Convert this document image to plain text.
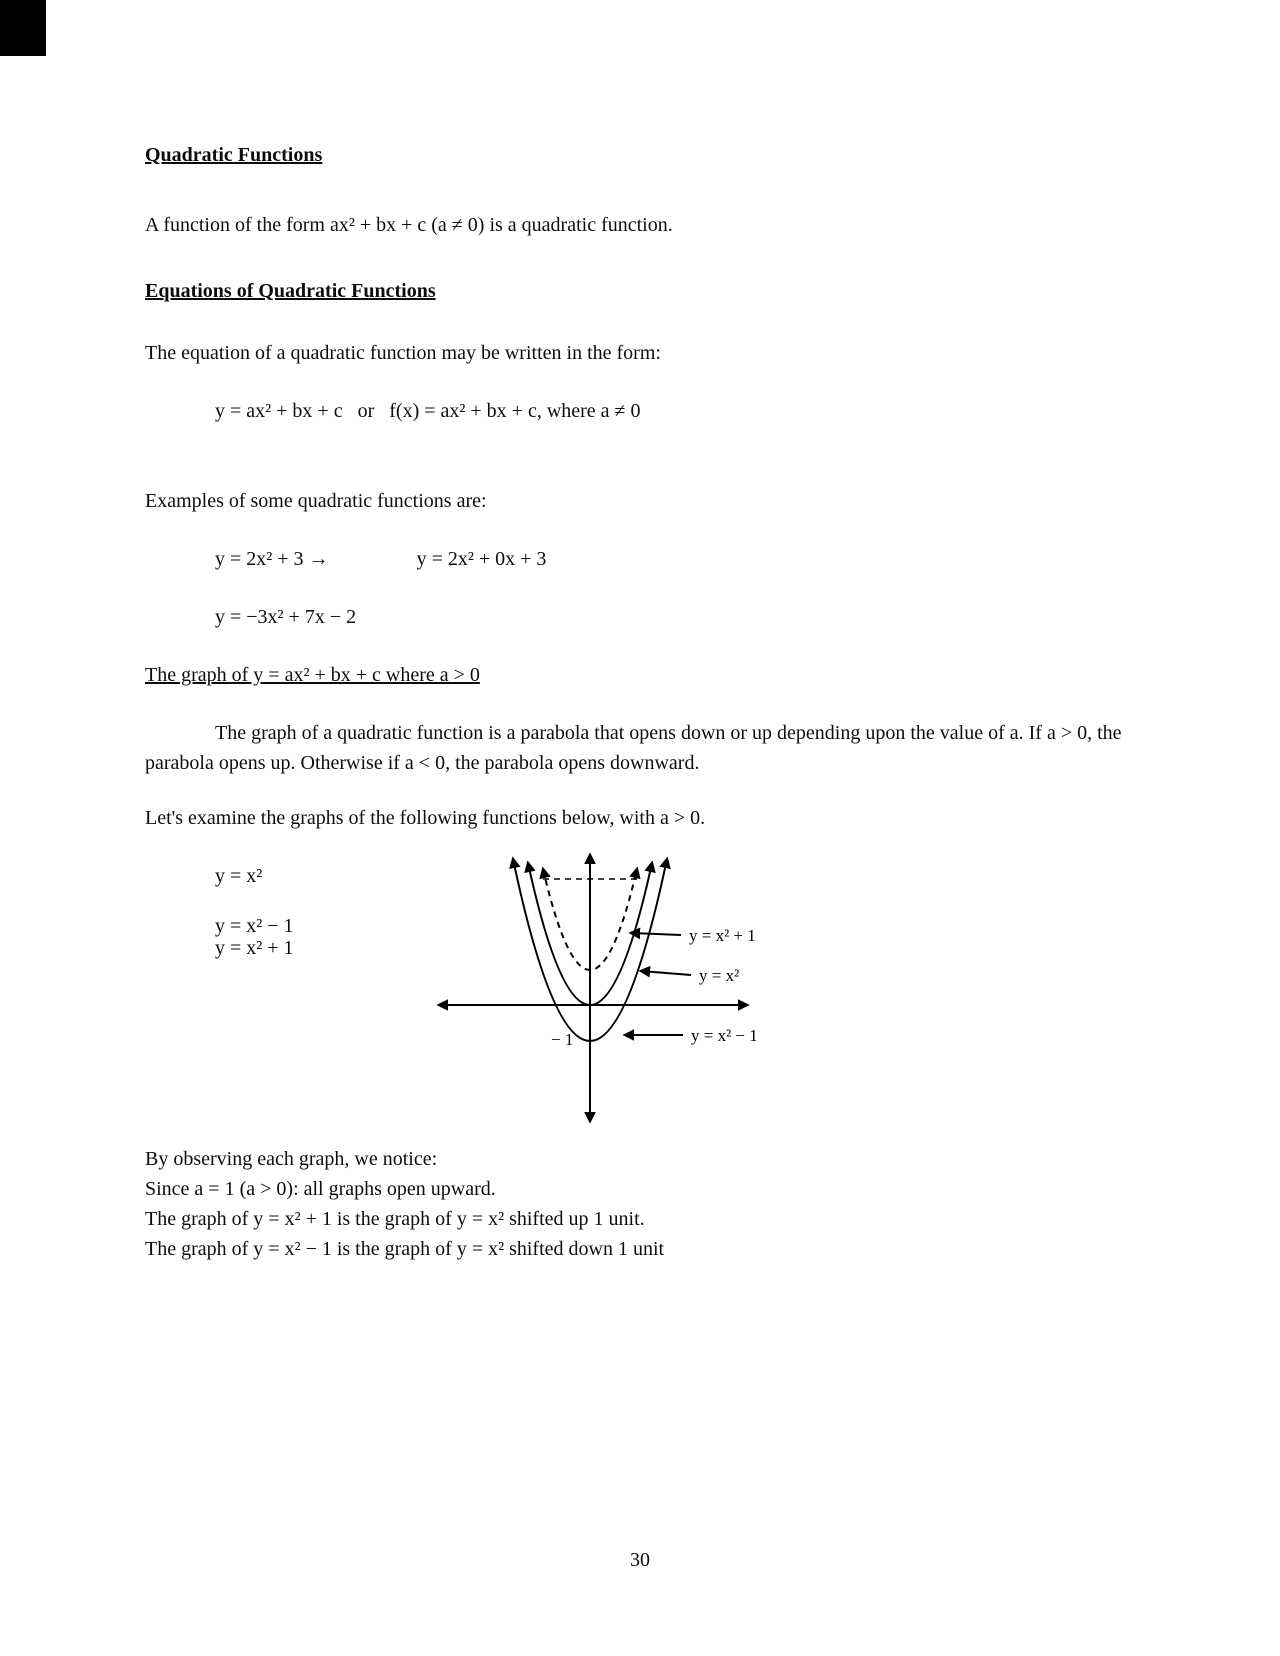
Quadratic Functions

A function of the form ax² + bx + c (a ≠ 0) is a quadratic function.

Equations of Quadratic Functions

The equation of a quadratic function may be written in the form:

y = ax² + bx + c   or   f(x) = ax² + bx + c, where a ≠ 0

Examples of some quadratic functions are:

y = 2x² + 3 →	y = 2x² + 0x + 3

y = −3x² + 7x − 2

The graph of y = ax² + bx + c where a > 0

The graph of a quadratic function is a parabola that opens down or up depending upon the value of a. If a > 0, the parabola opens up. Otherwise if a < 0, the parabola opens downward.

Let's examine the graphs of the following functions below, with a > 0.

y = x²

y = x² − 1

y = x² + 1

y = x² + 1
y = x²
y = x² − 1
− 1

By observing each graph, we notice:

Since a = 1 (a > 0): all graphs open upward.

The graph of y = x² + 1 is the graph of y = x² shifted up 1 unit.

The graph of y = x² − 1 is the graph of y = x² shifted down 1 unit

30
